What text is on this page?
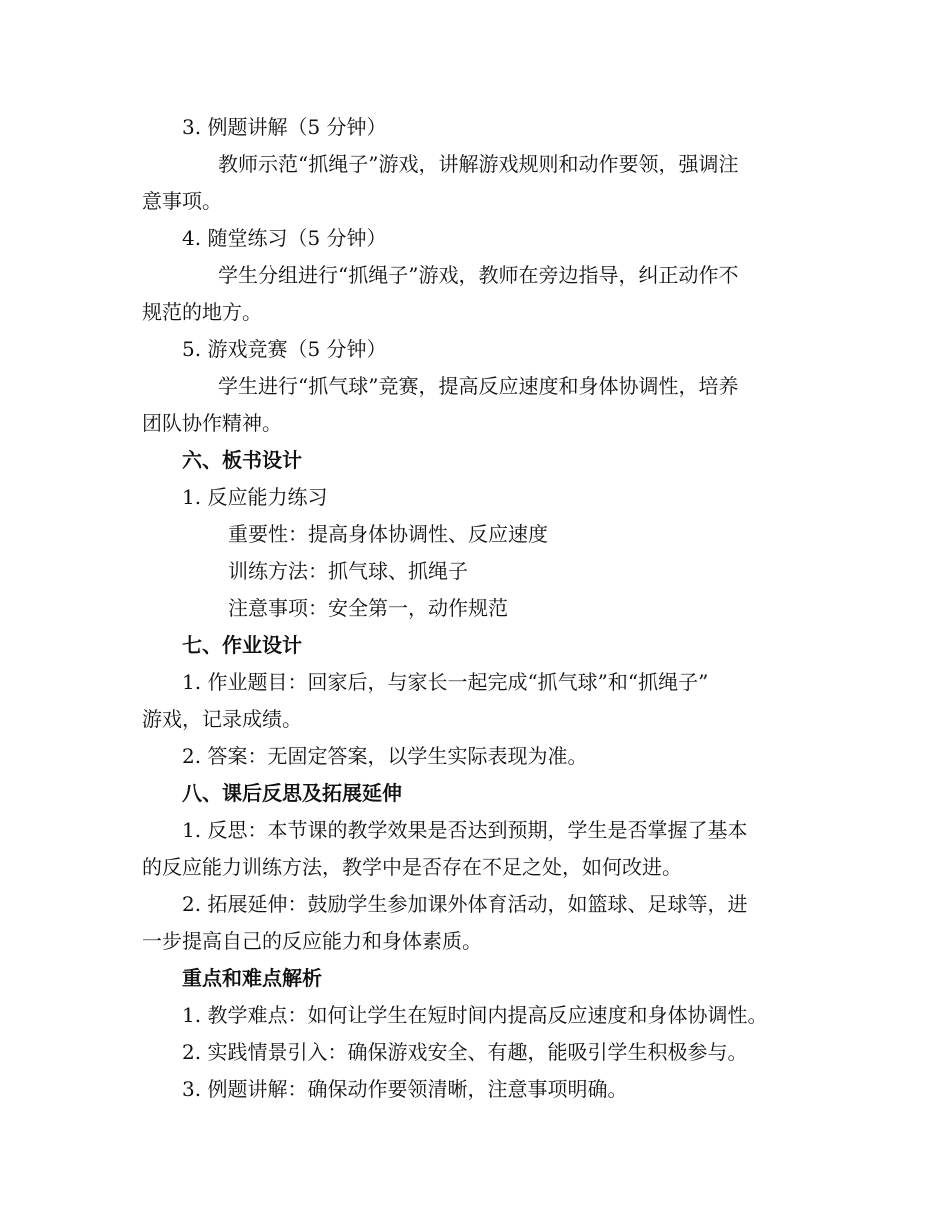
3. 例题讲解（5 分钟）

教师示范“抓绳子”游戏，讲解游戏规则和动作要领，强调注

意事项。

4. 随堂练习（5 分钟）

学生分组进行“抓绳子”游戏，教师在旁边指导，纠正动作不

规范的地方。

5. 游戏竞赛（5 分钟）

学生进行“抓气球”竞赛，提高反应速度和身体协调性，培养

团队协作精神。

六、板书设计

1. 反应能力练习

重要性：提高身体协调性、反应速度

训练方法：抓气球、抓绳子

注意事项：安全第一，动作规范

七、作业设计

1. 作业题目：回家后，与家长一起完成“抓气球”和“抓绳子”

游戏，记录成绩。

2. 答案：无固定答案，以学生实际表现为准。

八、课后反思及拓展延伸

1. 反思：本节课的教学效果是否达到预期，学生是否掌握了基本

的反应能力训练方法，教学中是否存在不足之处，如何改进。

2. 拓展延伸：鼓励学生参加课外体育活动，如篮球、足球等，进

一步提高自己的反应能力和身体素质。

重点和难点解析

1. 教学难点：如何让学生在短时间内提高反应速度和身体协调性。

2. 实践情景引入：确保游戏安全、有趣，能吸引学生积极参与。

3. 例题讲解：确保动作要领清晰，注意事项明确。
